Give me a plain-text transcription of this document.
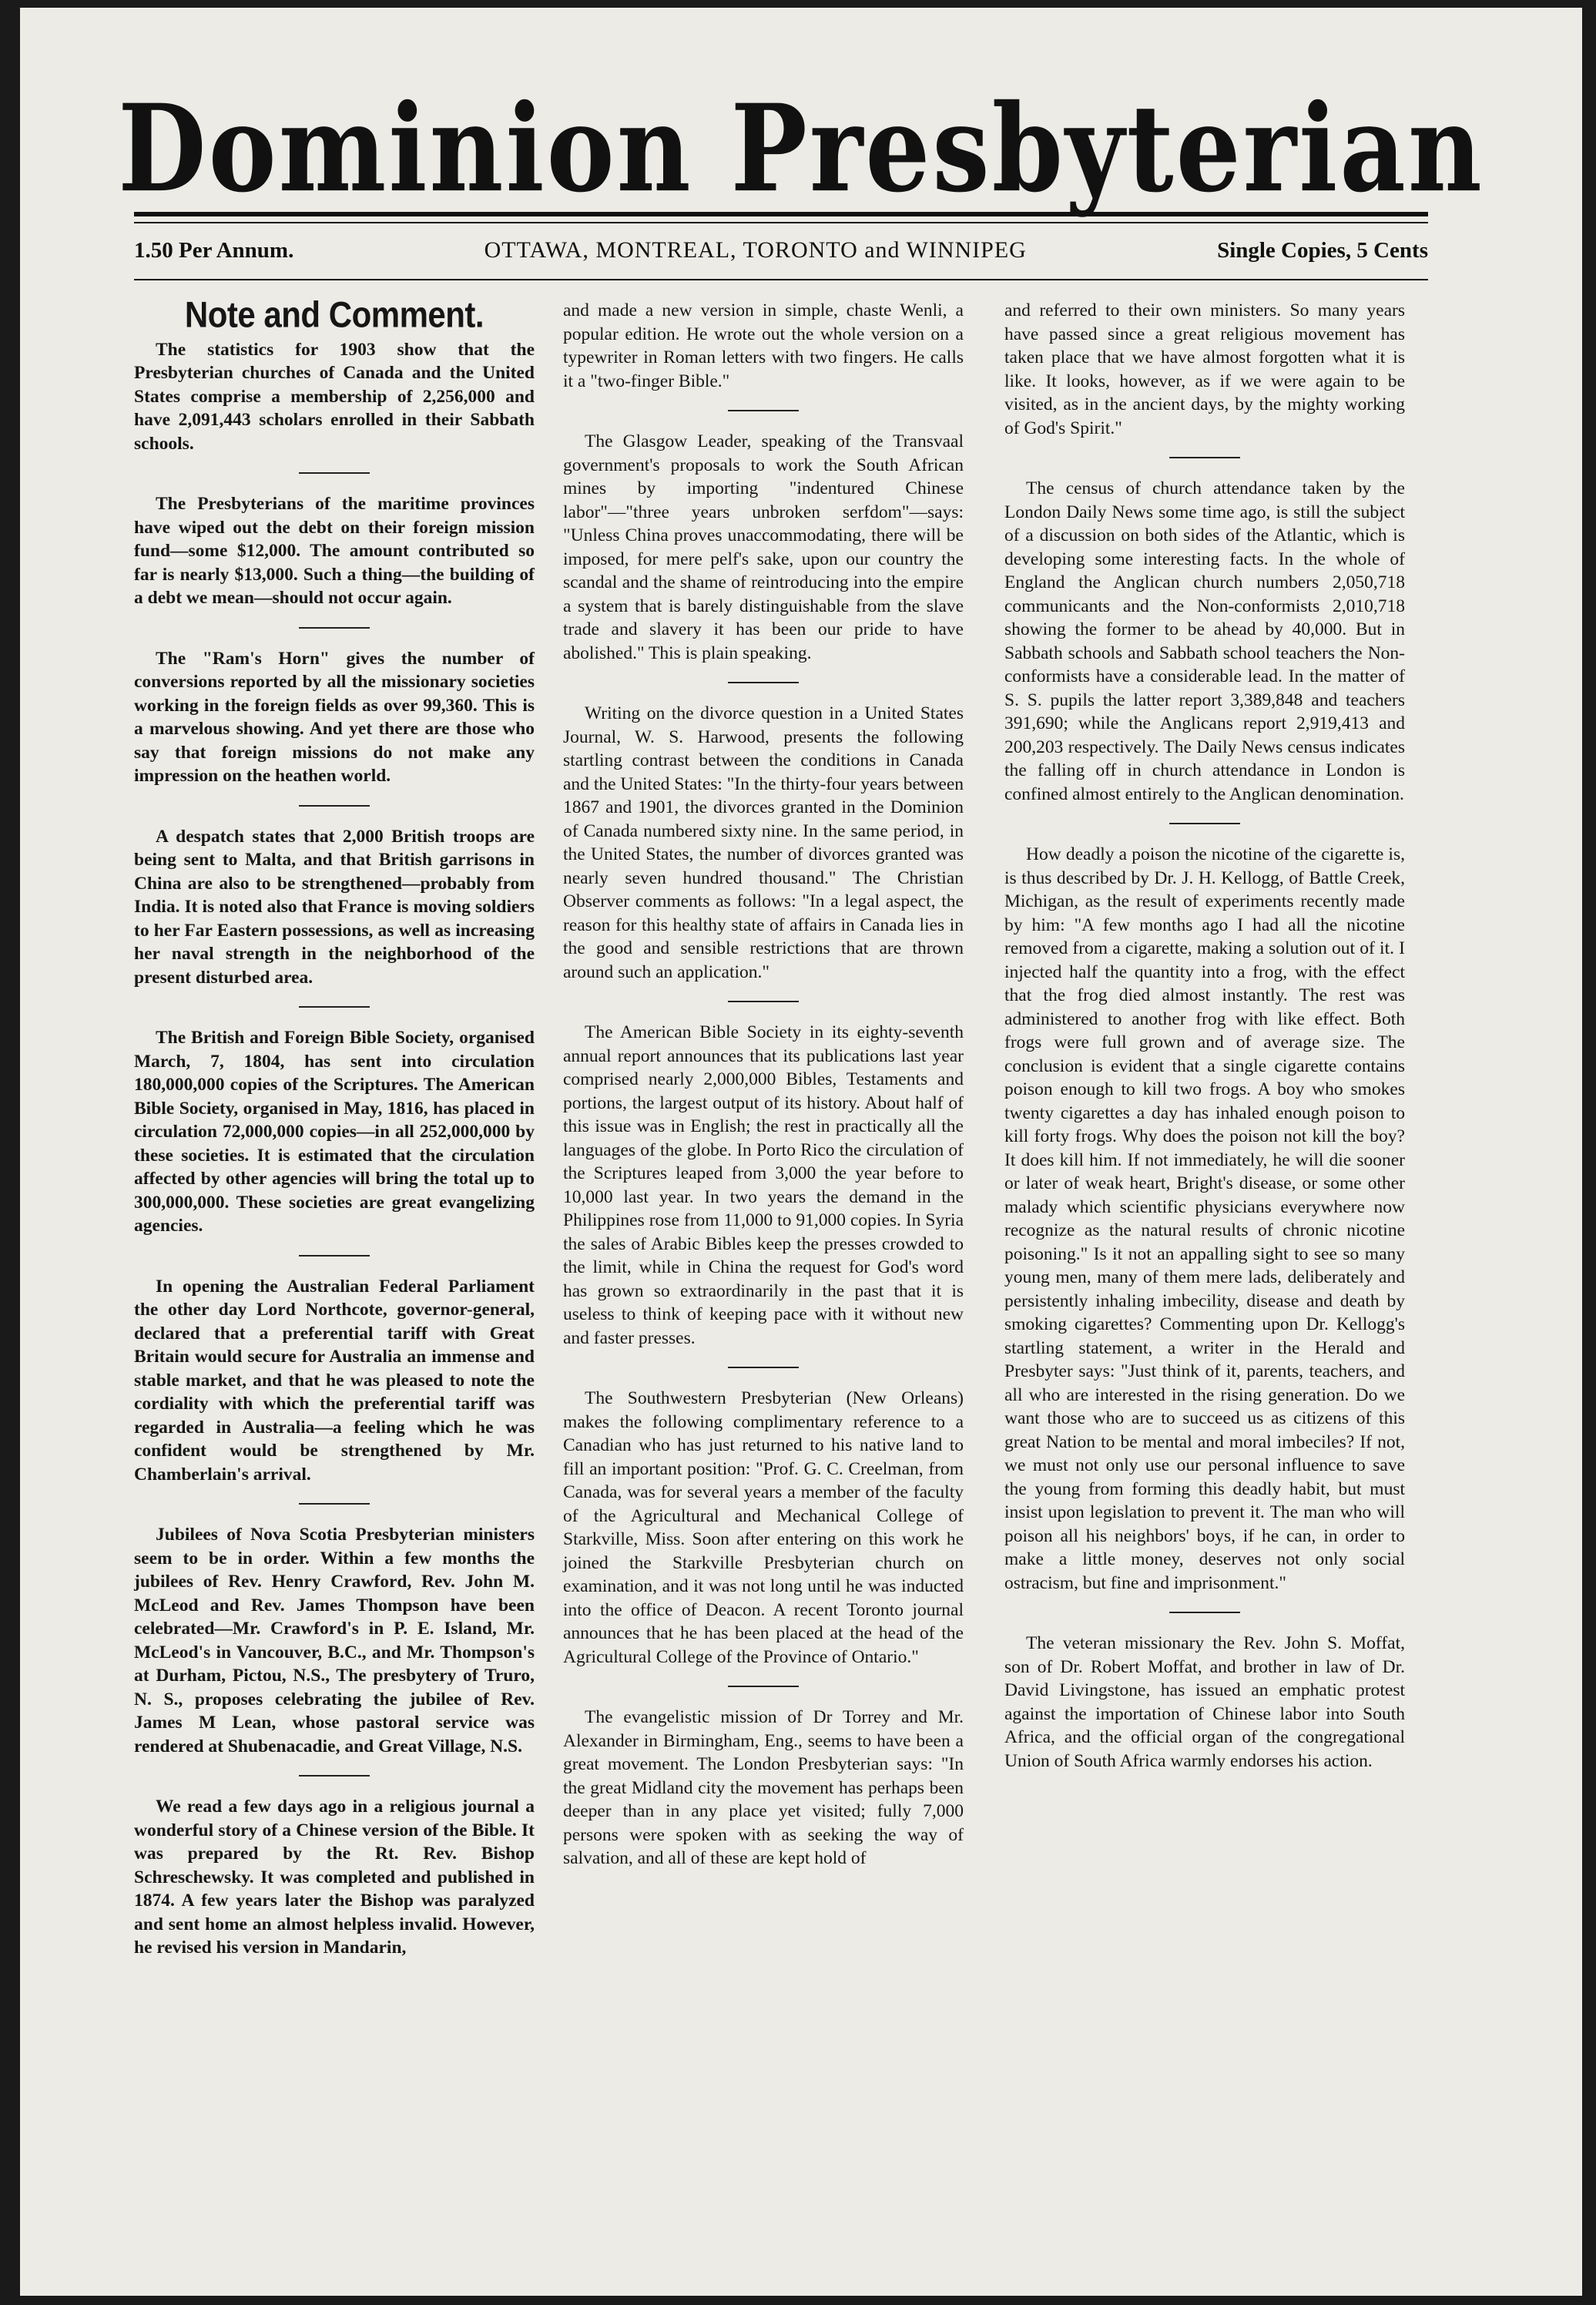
Dominion Presbyterian
1.50 Per Annum.	OTTAWA, MONTREAL, TORONTO and WINNIPEG	Single Copies, 5 Cents
Note and Comment.

The statistics for 1903 show that the Presbyterian churches of Canada and the United States comprise a membership of 2,256,000 and have 2,091,443 scholars enrolled in their Sabbath schools.

The Presbyterians of the maritime provinces have wiped out the debt on their foreign mission fund—some $12,000. The amount contributed so far is nearly $13,000. Such a thing—the building of a debt we mean—should not occur again.

The "Ram's Horn" gives the number of conversions reported by all the missionary societies working in the foreign fields as over 99,360. This is a marvelous showing. And yet there are those who say that foreign missions do not make any impression on the heathen world.

A despatch states that 2,000 British troops are being sent to Malta, and that British garrisons in China are also to be strengthened—probably from India. It is noted also that France is moving soldiers to her Far Eastern possessions, as well as increasing her naval strength in the neighborhood of the present disturbed area.

The British and Foreign Bible Society, organised March, 7, 1804, has sent into circulation 180,000,000 copies of the Scriptures. The American Bible Society, organised in May, 1816, has placed in circulation 72,000,000 copies—in all 252,000,000 by these societies. It is estimated that the circulation affected by other agencies will bring the total up to 300,000,000. These societies are great evangelizing agencies.

In opening the Australian Federal Parliament the other day Lord Northcote, governor-general, declared that a preferential tariff with Great Britain would secure for Australia an immense and stable market, and that he was pleased to note the cordiality with which the preferential tariff was regarded in Australia—a feeling which he was confident would be strengthened by Mr. Chamberlain's arrival.

Jubilees of Nova Scotia Presbyterian ministers seem to be in order. Within a few months the jubilees of Rev. Henry Crawford, Rev. John M. McLeod and Rev. James Thompson have been celebrated—Mr. Crawford's in P. E. Island, Mr. McLeod's in Vancouver, B.C., and Mr. Thompson's at Durham, Pictou, N.S., The presbytery of Truro, N. S., proposes celebrating the jubilee of Rev. James M Lean, whose pastoral service was rendered at Shubenacadie, and Great Village, N.S.

We read a few days ago in a religious journal a wonderful story of a Chinese version of the Bible. It was prepared by the Rt. Rev. Bishop Schreschewsky. It was completed and published in 1874. A few years later the Bishop was paralyzed and sent home an almost helpless invalid. However, he revised his version in Mandarin,

and made a new version in simple, chaste Wenli, a popular edition. He wrote out the whole version on a typewriter in Roman letters with two fingers. He calls it a "two-finger Bible."

The Glasgow Leader, speaking of the Transvaal government's proposals to work the South African mines by importing "indentured Chinese labor"—"three years unbroken serfdom"—says: "Unless China proves unaccommodating, there will be imposed, for mere pelf's sake, upon our country the scandal and the shame of reintroducing into the empire a system that is barely distinguishable from the slave trade and slavery it has been our pride to have abolished." This is plain speaking.

Writing on the divorce question in a United States Journal, W. S. Harwood, presents the following startling contrast between the conditions in Canada and the United States: "In the thirty-four years between 1867 and 1901, the divorces granted in the Dominion of Canada numbered sixty nine. In the same period, in the United States, the number of divorces granted was nearly seven hundred thousand." The Christian Observer comments as follows: "In a legal aspect, the reason for this healthy state of affairs in Canada lies in the good and sensible restrictions that are thrown around such an application."

The American Bible Society in its eighty-seventh annual report announces that its publications last year comprised nearly 2,000,000 Bibles, Testaments and portions, the largest output of its history. About half of this issue was in English; the rest in practically all the languages of the globe. In Porto Rico the circulation of the Scriptures leaped from 3,000 the year before to 10,000 last year. In two years the demand in the Philippines rose from 11,000 to 91,000 copies. In Syria the sales of Arabic Bibles keep the presses crowded to the limit, while in China the request for God's word has grown so extraordinarily in the past that it is useless to think of keeping pace with it without new and faster presses.

The Southwestern Presbyterian (New Orleans) makes the following complimentary reference to a Canadian who has just returned to his native land to fill an important position: "Prof. G. C. Creelman, from Canada, was for several years a member of the faculty of the Agricultural and Mechanical College of Starkville, Miss. Soon after entering on this work he joined the Starkville Presbyterian church on examination, and it was not long until he was inducted into the office of Deacon. A recent Toronto journal announces that he has been placed at the head of the Agricultural College of the Province of Ontario."

The evangelistic mission of Dr Torrey and Mr. Alexander in Birmingham, Eng., seems to have been a great movement. The London Presbyterian says: "In the great Midland city the movement has perhaps been deeper than in any place yet visited; fully 7,000 persons were spoken with as seeking the way of salvation, and all of these are kept hold of

and referred to their own ministers. So many years have passed since a great religious movement has taken place that we have almost forgotten what it is like. It looks, however, as if we were again to be visited, as in the ancient days, by the mighty working of God's Spirit."

The census of church attendance taken by the London Daily News some time ago, is still the subject of a discussion on both sides of the Atlantic, which is developing some interesting facts. In the whole of England the Anglican church numbers 2,050,718 communicants and the Non-conformists 2,010,718 showing the former to be ahead by 40,000. But in Sabbath schools and Sabbath school teachers the Non-conformists have a considerable lead. In the matter of S. S. pupils the latter report 3,389,848 and teachers 391,690; while the Anglicans report 2,919,413 and 200,203 respectively. The Daily News census indicates the falling off in church attendance in London is confined almost entirely to the Anglican denomination.

How deadly a poison the nicotine of the cigarette is, is thus described by Dr. J. H. Kellogg, of Battle Creek, Michigan, as the result of experiments recently made by him: "A few months ago I had all the nicotine removed from a cigarette, making a solution out of it. I injected half the quantity into a frog, with the effect that the frog died almost instantly. The rest was administered to another frog with like effect. Both frogs were full grown and of average size. The conclusion is evident that a single cigarette contains poison enough to kill two frogs. A boy who smokes twenty cigarettes a day has inhaled enough poison to kill forty frogs. Why does the poison not kill the boy? It does kill him. If not immediately, he will die sooner or later of weak heart, Bright's disease, or some other malady which scientific physicians everywhere now recognize as the natural results of chronic nicotine poisoning." Is it not an appalling sight to see so many young men, many of them mere lads, deliberately and persistently inhaling imbecility, disease and death by smoking cigarettes? Commenting upon Dr. Kellogg's startling statement, a writer in the Herald and Presbyter says: "Just think of it, parents, teachers, and all who are interested in the rising generation. Do we want those who are to succeed us as citizens of this great Nation to be mental and moral imbeciles? If not, we must not only use our personal influence to save the young from forming this deadly habit, but must insist upon legislation to prevent it. The man who will poison all his neighbors' boys, if he can, in order to make a little money, deserves not only social ostracism, but fine and imprisonment."

The veteran missionary the Rev. John S. Moffat, son of Dr. Robert Moffat, and brother in law of Dr. David Livingstone, has issued an emphatic protest against the importation of Chinese labor into South Africa, and the official organ of the congregational Union of South Africa warmly endorses his action.
